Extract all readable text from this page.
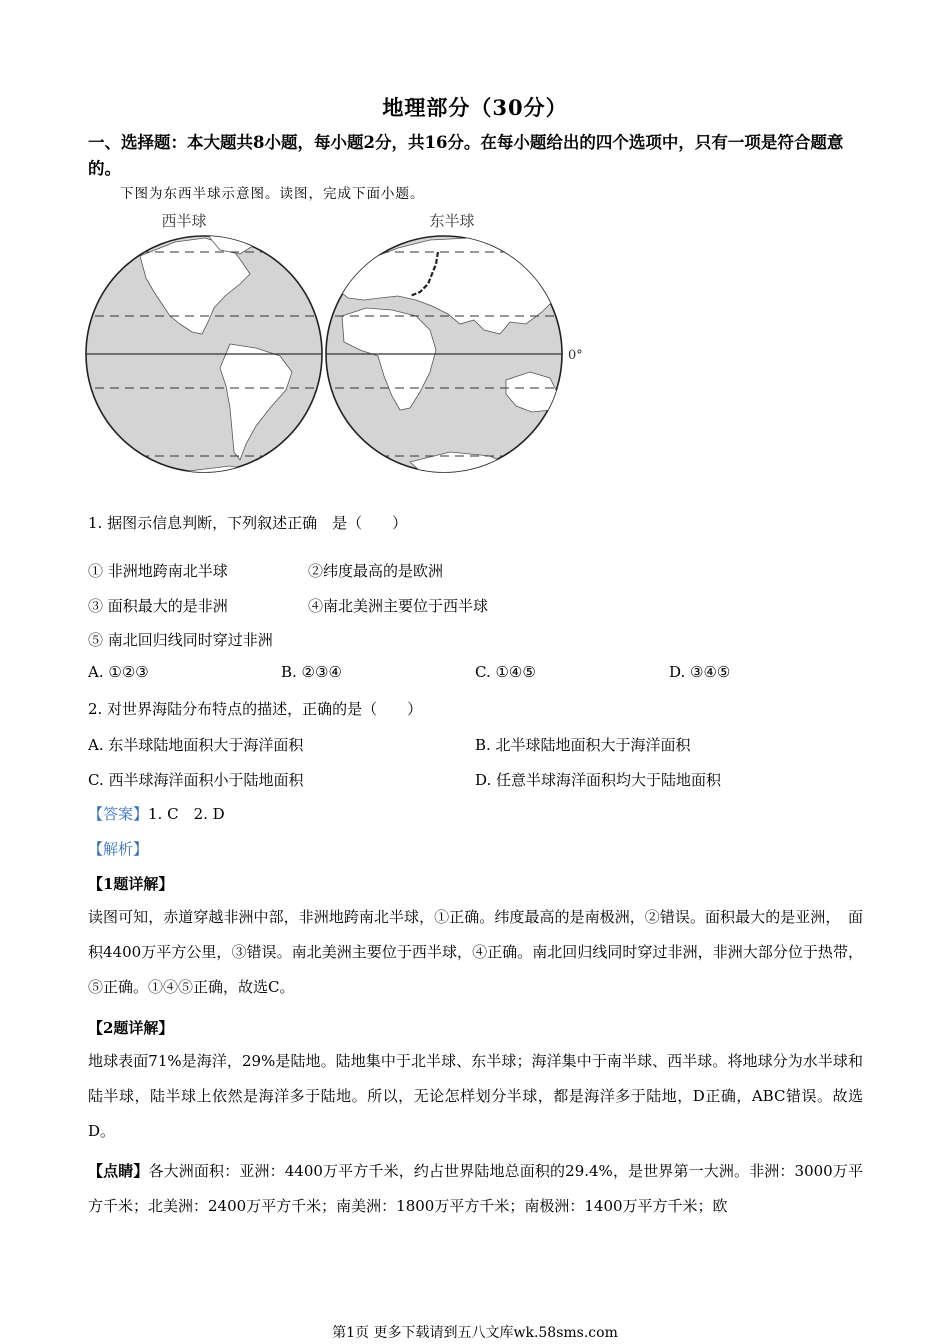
地理部分（30分）
一、选择题：本大题共8小题，每小题2分，共16分。在每小题给出的四个选项中，只有一项是符合题意的。
下图为东西半球示意图。读图，完成下面小题。
西半球	东半球
0°
1. 据图示信息判断，下列叙述正确　是（　　）
① 非洲地跨南北半球	②纬度最高的是欧洲
③ 面积最大的是非洲	④南北美洲主要位于西半球
⑤ 南北回归线同时穿过非洲
A. ①②③	B. ②③④	C. ①④⑤	D. ③④⑤
2. 对世界海陆分布特点的描述，正确的是（　　）
A. 东半球陆地面积大于海洋面积	B. 北半球陆地面积大于海洋面积
C. 西半球海洋面积小于陆地面积	D. 任意半球海洋面积均大于陆地面积
【答案】1. C　2. D
【解析】
【1题详解】
读图可知，赤道穿越非洲中部，非洲地跨南北半球，①正确。纬度最高的是南极洲，②错误。面积最大的是亚洲，　面积4400万平方公里，③错误。南北美洲主要位于西半球，④正确。南北回归线同时穿过非洲，非洲大部分位于热带，⑤正确。①④⑤正确，故选C。
【2题详解】
地球表面71%是海洋，29%是陆地。陆地集中于北半球、东半球；海洋集中于南半球、西半球。将地球分为水半球和陆半球，陆半球上依然是海洋多于陆地。所以，无论怎样划分半球，都是海洋多于陆地，D正确，ABC错误。故选D。
【点睛】各大洲面积：亚洲：4400万平方千米，约占世界陆地总面积的29.4%，是世界第一大洲。非洲：3000万平方千米；北美洲：2400万平方千米；南美洲：1800万平方千米；南极洲：1400万平方千米；欧
第1页 更多下载请到五八文库wk.58sms.com
